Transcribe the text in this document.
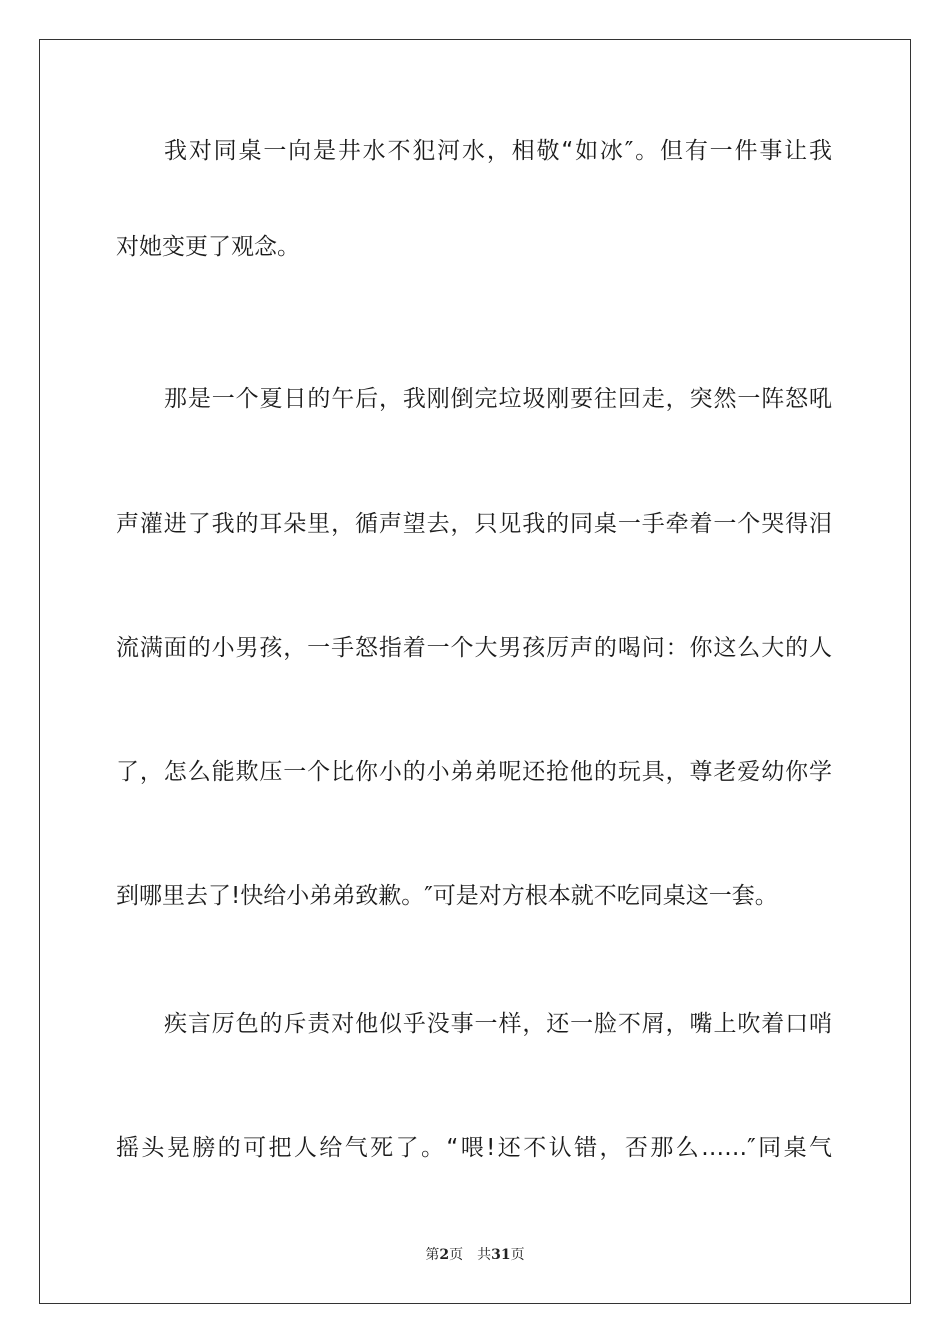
我对同桌一向是井水不犯河水，相敬“如冰″。但有一件事让我
对她变更了观念。
那是一个夏日的午后，我刚倒完垃圾刚要往回走，突然一阵怒吼
声灌进了我的耳朵里，循声望去，只见我的同桌一手牵着一个哭得泪
流满面的小男孩，一手怒指着一个大男孩厉声的喝问：你这么大的人
了，怎么能欺压一个比你小的小弟弟呢还抢他的玩具，尊老爱幼你学
到哪里去了!快给小弟弟致歉。″可是对方根本就不吃同桌这一套。
疾言厉色的斥责对他似乎没事一样，还一脸不屑，嘴上吹着口哨
摇头晃膀的可把人给气死了。“喂!还不认错，否那么……″同桌气
第2页 共31页
